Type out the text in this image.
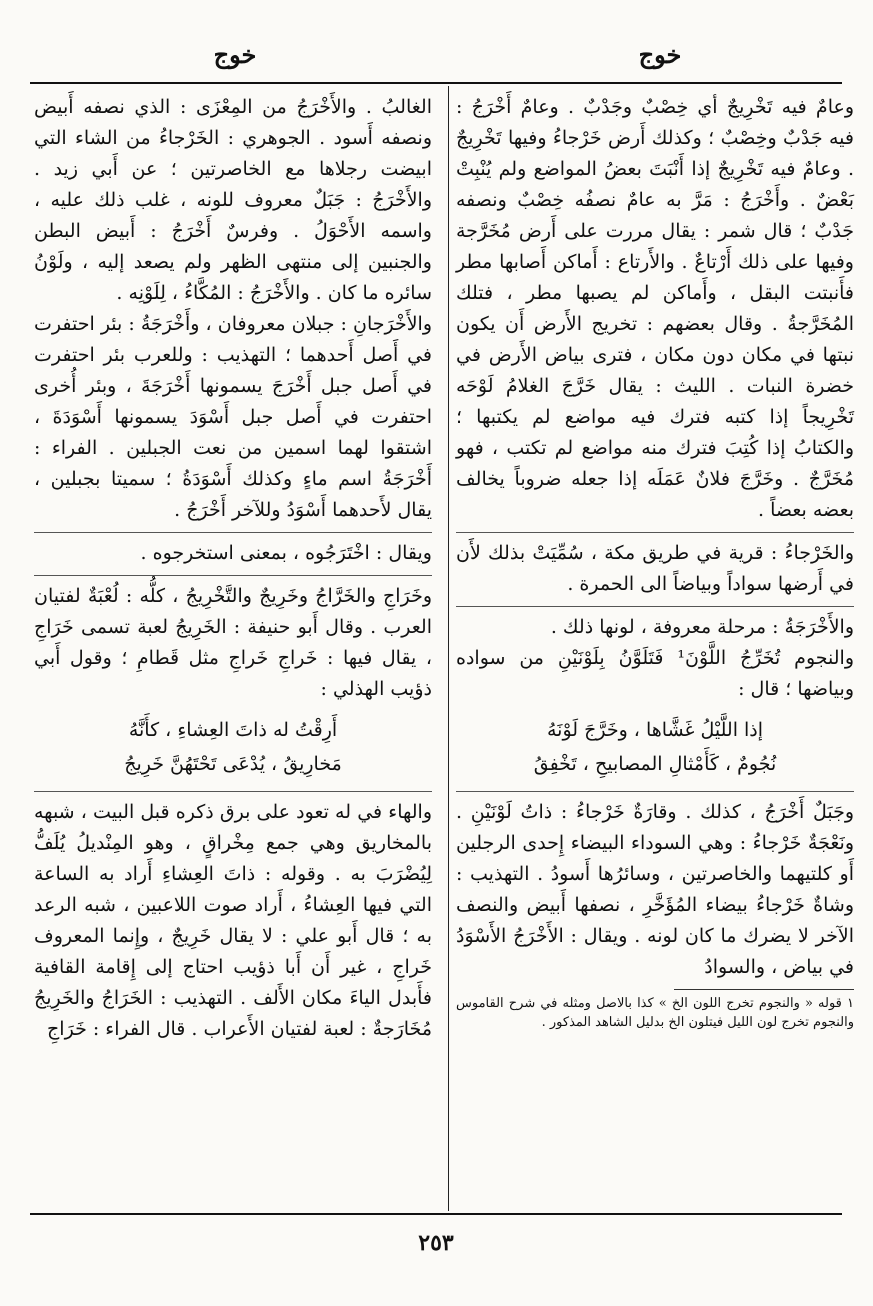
خوج
خوج

وعامٌ فيه تَخْرِيجٌ أي خِصْبٌ وجَدْبٌ . وعامٌ أَخْرَجُ : فيه جَدْبٌ وخِصْبٌ ؛ وكذلك أَرض خَرْجاءُ وفيها تَخْرِيجٌ . وعامٌ فيه تَخْرِيجٌ إذا أَنْبَتَ بعضُ المواضع ولم يُنْبِتْ بَعْضٌ . وأَخْرَجُ : مَرَّ به عامٌ نصفُه خِصْبٌ ونصفه جَدْبٌ ؛ قال شمر : يقال مررت على أَرض مُخَرَّجة وفيها على ذلك أَرْتاعٌ . والأَرتاع : أَماكن أَصابها مطر فأَنبتت البقل ، وأَماكن لم يصبها مطر ، فتلك المُخَرَّجةُ . وقال بعضهم : تخريج الأَرض أَن يكون نبتها في مكان دون مكان ، فترى بياض الأَرض في خضرة النبات . الليث : يقال خَرَّجَ الغلامُ لَوْحَه تَخْرِيجاً إذا كتبه فترك فيه مواضع لم يكتبها ؛ والكتابُ إذا كُتِبَ فترك منه مواضع لم تكتب ، فهو مُخَرَّجٌ . وخَرَّجَ فلانٌ عَمَلَه إذا جعله ضروباً يخالف بعضه بعضاً .

والخَرْجاءُ : قرية في طريق مكة ، سُمِّيَتْ بذلك لأَن في أَرضها سواداً وبياضاً الى الحمرة .

والأَخْرَجَةُ : مرحلة معروفة ، لونها ذلك .

والنجوم تُخَرِّجُ اللَّوْنَ¹ فَتَلَوَّنُ بِلَوْنَيْنِ من سواده وبياضها ؛ قال :

إذا اللَّيْلُ غَشَّاها ، وخَرَّجَ لَوْنَهُ
نُجُومٌ ، كَأَمْثالِ المصابيحِ ، تَخْفِقُ

وجَبَلٌ أَخْرَجُ ، كذلك . وقارَةٌ خَرْجاءُ : ذاتُ لَوْنَيْنِ . ونَعْجَةٌ خَرْجاءُ : وهي السوداء البيضاء إِحدى الرجلين أَو كلتيهما والخاصرتين ، وسائرُها أَسودُ . التهذيب : وشاةٌ خَرْجاءُ بيضاء المُؤَخَّرِ ، نصفها أَبيض والنصف الآخر لا يضرك ما كان لونه . ويقال : الأَخْرَجُ الأَسْوَدُ في بياض ، والسوادُ

١ قوله « والنجوم تخرج اللون الخ » كذا بالاصل ومثله في شرح القاموس والنجوم تخرج لون الليل فيتلون الخ بدليل الشاهد المذكور .

الغالبُ . والأَخْرَجُ من المِعْزَى : الذي نصفه أَبيض ونصفه أَسود . الجوهري : الخَرْجاءُ من الشاء التي ابيضت رجلاها مع الخاصرتين ؛ عن أَبي زيد . والأَخْرَجُ : جَبَلٌ معروف للونه ، غلب ذلك عليه ، واسمه الأَحْوَلُ . وفرسٌ أَخْرَجُ : أَبيض البطن والجنبين إلى منتهى الظهر ولم يصعد إليه ، ولَوْنُ سائره ما كان . والأَخْرَجُ : المُكَّاءُ ، لِلَوْنِه .

والأَخْرَجانِ : جبلان معروفان ، وأَخْرَجَةُ : بئر احتفرت في أَصل أَحدهما ؛ التهذيب : وللعرب بئر احتفرت في أَصل جبل أَخْرَجَ يسمونها أَخْرَجَةَ ، وبئر أُخرى احتفرت في أَصل جبل أَسْوَدَ يسمونها أَسْوَدَةَ ، اشتقوا لهما اسمين من نعت الجبلين . الفراء : أَخْرَجَةُ اسم ماءٍ وكذلك أَسْوَدَةُ ؛ سميتا بجبلين ، يقال لأَحدهما أَسْوَدُ وللآخر أَخْرَجُ .

ويقال : اخْتَرَجُوه ، بمعنى استخرجوه .

وخَرَاجِ والخَرَّاجُ وخَرِيجٌ والتَّخْرِيجُ ، كلُّه : لُعْبَةٌ لفتيان العرب . وقال أَبو حنيفة : الخَرِيجُ لعبة تسمى خَرَاجِ ، يقال فيها : خَراجِ خَراجِ مثل قَطامِ ؛ وقول أَبي ذؤيب الهذلي :

أَرِقْتُ له ذاتَ العِشاءِ ، كأَنَّهُ
مَخارِيقُ ، يُدْعَى تَحْتَهُنَّ خَرِيجُ

والهاء في له تعود على برق ذكره قبل البيت ، شبهه بالمخاريق وهي جمع مِخْراقٍ ، وهو المِنْديلُ يُلَفُّ لِيُضْرَبَ به . وقوله : ذاتَ العِشاءِ أَراد به الساعة التي فيها العِشاءُ ، أَراد صوت اللاعبين ، شبه الرعد به ؛ قال أَبو علي : لا يقال خَرِيجٌ ، وإِنما المعروف خَراجِ ، غير أَن أَبا ذؤيب احتاج إلى إِقامة القافية فأَبدل الياءَ مكان الأَلف . التهذيب : الخَرَاجُ والخَرِيجُ مُخَارَجةٌ : لعبة لفتيان الأَعراب . قال الفراء : خَرَاجِ

٢٥٣
